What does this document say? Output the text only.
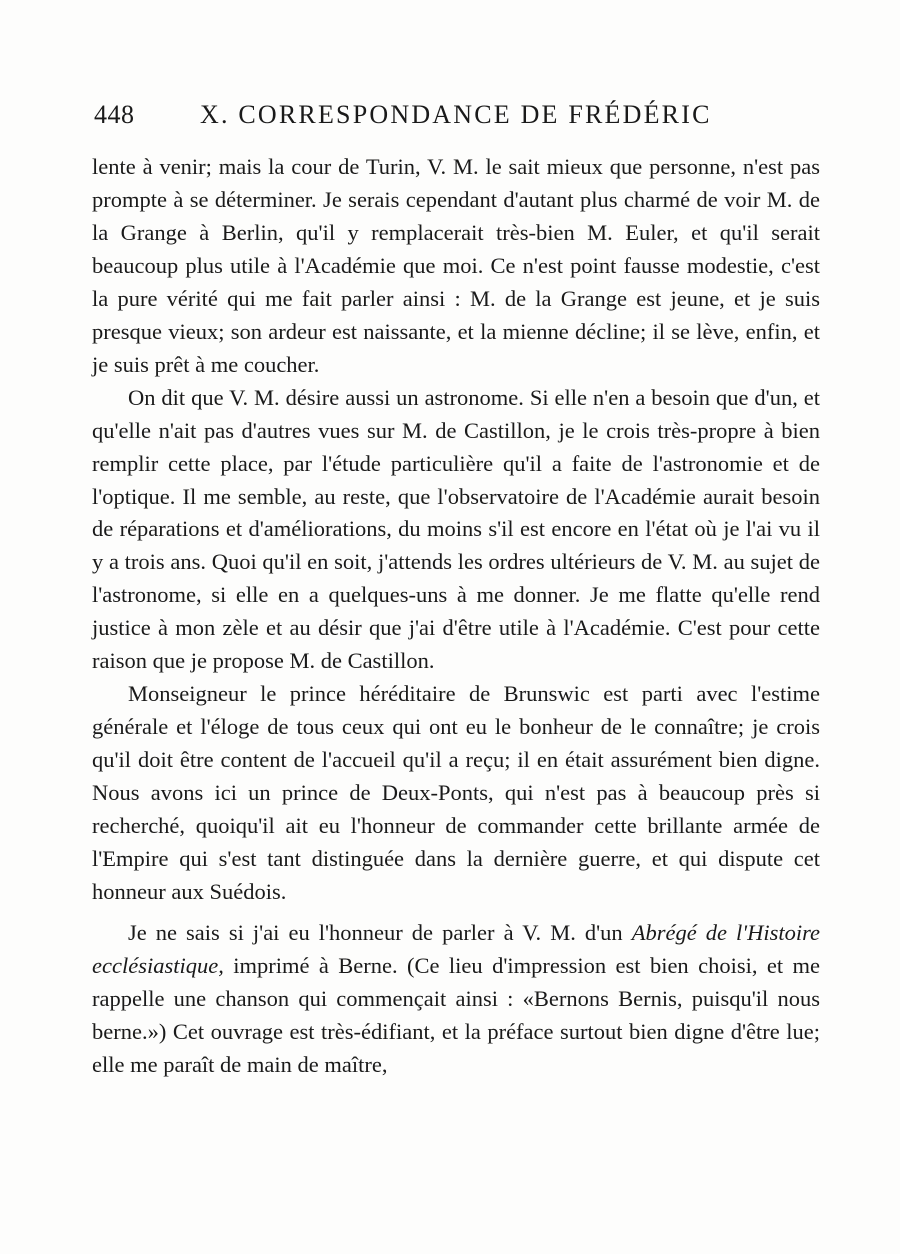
448	X. CORRESPONDANCE DE FRÉDÉRIC

lente à venir; mais la cour de Turin, V. M. le sait mieux que personne, n'est pas prompte à se déterminer. Je serais cependant d'autant plus charmé de voir M. de la Grange à Berlin, qu'il y remplacerait très-bien M. Euler, et qu'il serait beaucoup plus utile à l'Académie que moi. Ce n'est point fausse modestie, c'est la pure vérité qui me fait parler ainsi : M. de la Grange est jeune, et je suis presque vieux; son ardeur est naissante, et la mienne décline; il se lève, enfin, et je suis prêt à me coucher.

On dit que V. M. désire aussi un astronome. Si elle n'en a besoin que d'un, et qu'elle n'ait pas d'autres vues sur M. de Castillon, je le crois très-propre à bien remplir cette place, par l'étude particulière qu'il a faite de l'astronomie et de l'optique. Il me semble, au reste, que l'observatoire de l'Académie aurait besoin de réparations et d'améliorations, du moins s'il est encore en l'état où je l'ai vu il y a trois ans. Quoi qu'il en soit, j'attends les ordres ultérieurs de V. M. au sujet de l'astronome, si elle en a quelques-uns à me donner. Je me flatte qu'elle rend justice à mon zèle et au désir que j'ai d'être utile à l'Académie. C'est pour cette raison que je propose M. de Castillon.

Monseigneur le prince héréditaire de Brunswic est parti avec l'estime générale et l'éloge de tous ceux qui ont eu le bonheur de le connaître; je crois qu'il doit être content de l'accueil qu'il a reçu; il en était assurément bien digne. Nous avons ici un prince de Deux-Ponts, qui n'est pas à beaucoup près si recherché, quoiqu'il ait eu l'honneur de commander cette brillante armée de l'Empire qui s'est tant distinguée dans la dernière guerre, et qui dispute cet honneur aux Suédois.

Je ne sais si j'ai eu l'honneur de parler à V. M. d'un Abrégé de l'Histoire ecclésiastique, imprimé à Berne. (Ce lieu d'impression est bien choisi, et me rappelle une chanson qui commençait ainsi : «Bernons Bernis, puisqu'il nous berne.») Cet ouvrage est très-édifiant, et la préface surtout bien digne d'être lue; elle me paraît de main de maître,
